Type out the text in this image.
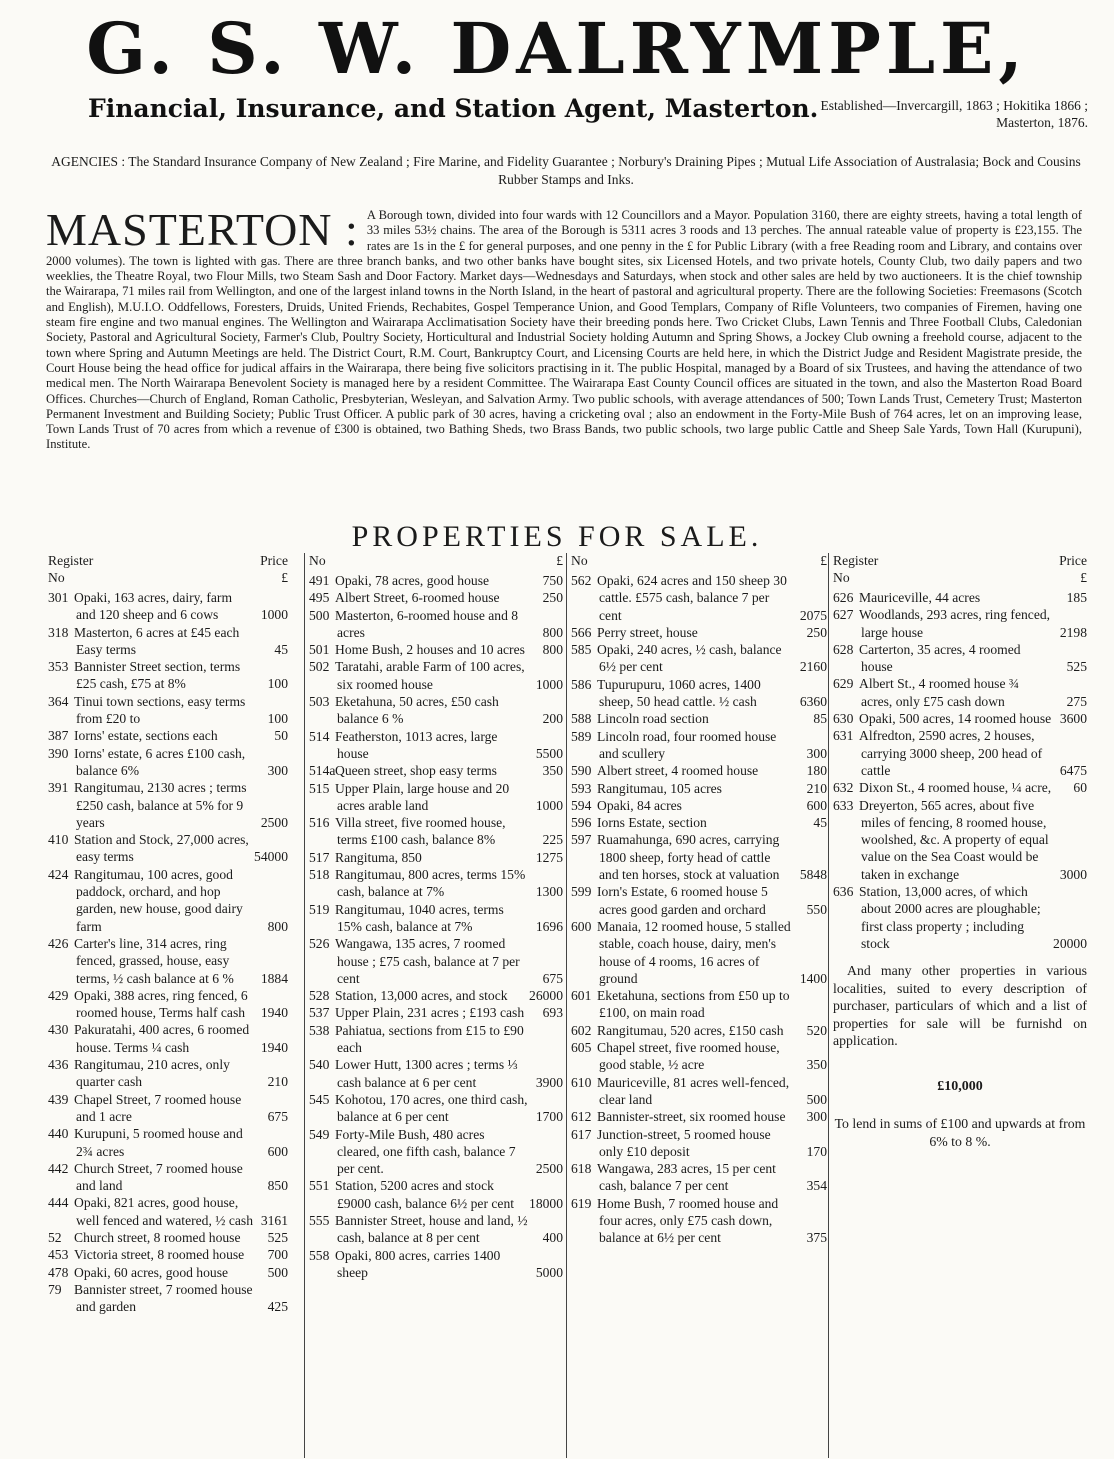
G. S. W. DALRYMPLE,
Financial, Insurance, and Station Agent, Masterton. Established—Invercargill, 1863 ; Hokitika 1866 ; Masterton, 1876.
AGENCIES : The Standard Insurance Company of New Zealand ; Fire Marine, and Fidelity Guarantee ; Norbury's Draining Pipes ; Mutual Life Association of Australasia; Bock and Cousins Rubber Stamps and Inks.
MASTERTON : A Borough town, divided into four wards with 12 Councillors and a Mayor. Population 3160, there are eighty streets, having a total length of 33 miles 53½ chains. The area of the Borough is 5311 acres 3 roods and 13 perches. The annual rateable value of property is £23,155. The rates are 1s in the £ for general purposes, and one penny in the £ for Public Library (with a free Reading room and Library, and contains over 2000 volumes). The town is lighted with gas. There are three branch banks, and two other banks have bought sites, six Licensed Hotels, and two private hotels, County Club, two daily papers and two weeklies, the Theatre Royal, two Flour Mills, two Steam Sash and Door Factory. Market days—Wednesdays and Saturdays, when stock and other sales are held by two auctioneers. It is the chief township the Wairarapa, 71 miles rail from Wellington, and one of the largest inland towns in the North Island, in the heart of pastoral and agricultural property. There are the following Societies: Freemasons (Scotch and English), M.U.I.O. Oddfellows, Foresters, Druids, United Friends, Rechabites, Gospel Temperance Union, and Good Templars, Company of Rifle Volunteers, two companies of Firemen, having one steam fire engine and two manual engines. The Wellington and Wairarapa Acclimatisation Society have their breeding ponds here. Two Cricket Clubs, Lawn Tennis and Three Football Clubs, Caledonian Society, Pastoral and Agricultural Society, Farmer's Club, Poultry Society, Horticultural and Industrial Society holding Autumn and Spring Shows, a Jockey Club owning a freehold course, adjacent to the town where Spring and Autumn Meetings are held. The District Court, R.M. Court, Bankruptcy Court, and Licensing Courts are held here, in which the District Judge and Resident Magistrate preside, the Court House being the head office for judical affairs in the Wairarapa, there being five solicitors practising in it. The public Hospital, managed by a Board of six Trustees, and having the attendance of two medical men. The North Wairarapa Benevolent Society is managed here by a resident Committee. The Wairarapa East County Council offices are situated in the town, and also the Masterton Road Board Offices. Churches—Church of England, Roman Catholic, Presbyterian, Wesleyan, and Salvation Army. Two public schools, with average attendances of 500; Town Lands Trust, Cemetery Trust; Masterton Permanent Investment and Building Society; Public Trust Officer. A public park of 30 acres, having a cricketing oval ; also an endowment in the Forty-Mile Bush of 764 acres, let on an improving lease, Town Lands Trust of 70 acres from which a revenue of £300 is obtained, two Bathing Sheds, two Brass Bands, two public schools, two large public Cattle and Sheep Sale Yards, Town Hall (Kurupuni), Institute.
PROPERTIES FOR SALE.
Register	Price
No	£
301 Opaki, 163 acres, dairy, farm and 120 sheep and 6 cows	1000
318 Masterton, 6 acres at £45 each Easy terms	45
353 Bannister Street section, terms £25 cash, £75 at 8%	100
364 Tinui town sections, easy terms from £20 to	100
387 Iorns' estate, sections each	50
390 Iorns' estate, 6 acres £100 cash, balance 6%	300
391 Rangitumau, 2130 acres ; terms £250 cash, balance at 5% for 9 years	2500
410 Station and Stock, 27,000 acres, easy terms	54000
424 Rangitumau, 100 acres, good paddock, orchard, and hop garden, new house, good dairy farm	800
426 Carter's line, 314 acres, ring fenced, grassed, house, easy terms, ½ cash balance at 6 %	1884
429 Opaki, 388 acres, ring fenced, 6 roomed house, Terms half cash	1940
430 Pakuratahi, 400 acres, 6 roomed house. Terms ¼ cash	1940
436 Rangitumau, 210 acres, only quarter cash	210
439 Chapel Street, 7 roomed house and 1 acre	675
440 Kurupuni, 5 roomed house and 2¾ acres	600
442 Church Street, 7 roomed house and land	850
444 Opaki, 821 acres, good house, well fenced and watered, ½ cash 3161
52 Church street, 8 roomed house	525
453 Victoria street, 8 roomed house	700
478 Opaki, 60 acres, good house	500
79 Bannister street, 7 roomed house and garden	425
No	£
491 Opaki, 78 acres, good house	750
495 Albert Street, 6-roomed house	250
500 Masterton, 6-roomed house and 8 acres	800
501 Home Bush, 2 houses and 10 acres	800
502 Taratahi, arable Farm of 100 acres, six roomed house	1000
503 Eketahuna, 50 acres, £50 cash balance 6 %	200
514 Featherston, 1013 acres, large house	5500
514aQueen street, shop easy terms	350
515 Upper Plain, large house and 20 acres arable land	1000
516 Villa street, five roomed house, terms £100 cash, balance 8%	225
517 Rangituma, 850	1275
518 Rangitumau, 800 acres, terms 15% cash, balance at 7%	1300
519 Rangitumau, 1040 acres, terms 15% cash, balance at 7%	1696
526 Wangawa, 135 acres, 7 roomed house ; £75 cash, balance at 7 per cent	675
528 Station, 13,000 acres, and stock	26000
537 Upper Plain, 231 acres ; £193 cash	693
538 Pahiatua, sections from £15 to £90 each
540 Lower Hutt, 1300 acres ; terms ⅓ cash balance at 6 per cent	3900
545 Kohotou, 170 acres, one third cash, balance at 6 per cent	1700
549 Forty-Mile Bush, 480 acres cleared, one fifth cash, balance 7 per cent.	2500
551 Station, 5200 acres and stock £9000 cash, balance 6½ per cent	18000
555 Bannister Street, house and land, ½ cash, balance at 8 per cent	400
558 Opaki, 800 acres, carries 1400 sheep	5000
No	£
562 Opaki, 624 acres and 150 sheep 30 cattle. £575 cash, balance 7 per cent	2075
566 Perry street, house	250
585 Opaki, 240 acres, ½ cash, balance 6½ per cent	2160
586 Tupurupuru, 1060 acres, 1400 sheep, 50 head cattle. ½ cash	6360
588 Lincoln road section	85
589 Lincoln road, four roomed house and scullery	300
590 Albert street, 4 roomed house	180
593 Rangitumau, 105 acres	210
594 Opaki, 84 acres	600
596 Iorns Estate, section	45
597 Ruamahunga, 690 acres, carrying 1800 sheep, forty head of cattle and ten horses, stock at valuation	5848
599 Iorn's Estate, 6 roomed house 5 acres good garden and orchard	550
600 Manaia, 12 roomed house, 5 stalled stable, coach house, dairy, men's house of 4 rooms, 16 acres of ground	1400
601 Eketahuna, sections from £50 up to £100, on main road
602 Rangitumau, 520 acres, £150 cash	520
605 Chapel street, five roomed house, good stable, ½ acre	350
610 Mauriceville, 81 acres well-fenced, clear land	500
612 Bannister-street, six roomed house	300
617 Junction-street, 5 roomed house only £10 deposit	170
618 Wangawa, 283 acres, 15 per cent cash, balance 7 per cent	354
619 Home Bush, 7 roomed house and four acres, only £75 cash down, balance at 6½ per cent	375
Register	Price
No	£
626 Mauriceville, 44 acres	185
627 Woodlands, 293 acres, ring fenced, large house	2198
628 Carterton, 35 acres, 4 roomed house	525
629 Albert St., 4 roomed house ¾ acres, only £75 cash down	275
630 Opaki, 500 acres, 14 roomed house 3600
631 Alfredton, 2590 acres, 2 houses, carrying 3000 sheep, 200 head of cattle	6475
632 Dixon St., 4 roomed house, ¼ acre, 60
633 Dreyerton, 565 acres, about five miles of fencing, 8 roomed house, woolshed, &c. A property of equal value on the Sea Coast would be taken in exchange	3000
636 Station, 13,000 acres, of which about 2000 acres are ploughable; first class property ; including stock	20000
And many other properties in various localities, suited to every description of purchaser, particulars of which and a list of properties for sale will be furnishd on application.
£10,000
To lend in sums of £100 and upwards at from 6% to 8 %.
